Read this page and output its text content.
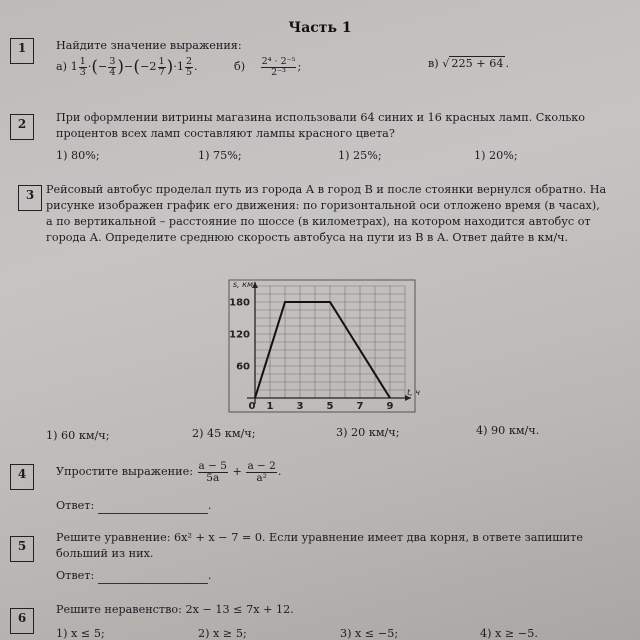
Часть 1
1	Найдите значение выражения:
а) $1 \frac{1}{3}$ ·(− $\frac{3}{4} )-(-2 \frac{1}{7} )\cdot 1 \frac{2}{5}$ .	$б) \frac{\text{2⁴ · 2⁻⁵}}{\text{2⁻³}}$ ;	в) √ 225 + 64 .
2	При оформлении витрины магазина использовали 64 синих и 16 красных ламп. Сколько процентов всех ламп составляют лампы красного цвета?
1) 80%;	1) 75%;	1) 25%;	1) 20%;
3	Рейсовый автобус проделал путь из города А в город В и после стоянки вернулся обратно. На рисунке изображен график его движения: по горизонтальной оси отложено время (в часах), а по вертикальной – расстояние по шоссе (в километрах), на котором находится автобус от города А. Определите среднюю скорость автобуса на пути из В в А. Ответ дайте в км/ч.
60
120
180
0 1 3 5 7 9
s, км
t, ч
1) 60 км/ч;	2) 45 км/ч;	3) 20 км/ч;	4) 90 км/ч.
4	Упростите выражение: $\frac{a - 5}{5a} + \frac{a - 2}{\text{a²}}$ .
Ответ:	.
5
Решите уравнение: 6x² + x − 7 = 0. Если уравнение имеет два корня, в ответе запишите больший из них.
Ответ:	.
6
Решите неравенство: 2x − 13 ≤ 7x + 12.
1) x ≤ 5;	2) x ≥ 5;	3) x ≤ −5;	4) x ≥ −5.
